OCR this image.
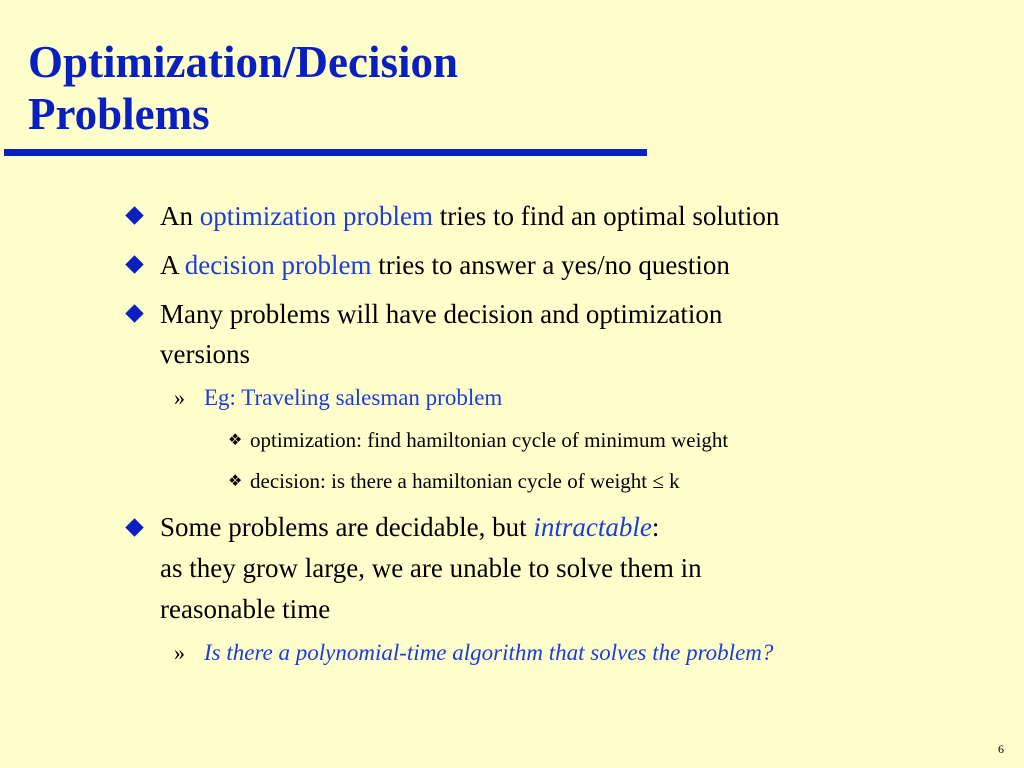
Optimization/Decision
Problems
An optimization problem tries to find an optimal solution
A decision problem tries to answer a yes/no question
Many problems will have decision and optimization
versions
» Eg: Traveling salesman problem
❖ optimization: find hamiltonian cycle of minimum weight
❖ decision: is there a hamiltonian cycle of weight ≤ k
Some problems are decidable, but intractable:
as they grow large, we are unable to solve them in
reasonable time
» Is there a polynomial-time algorithm that solves the problem?
6
